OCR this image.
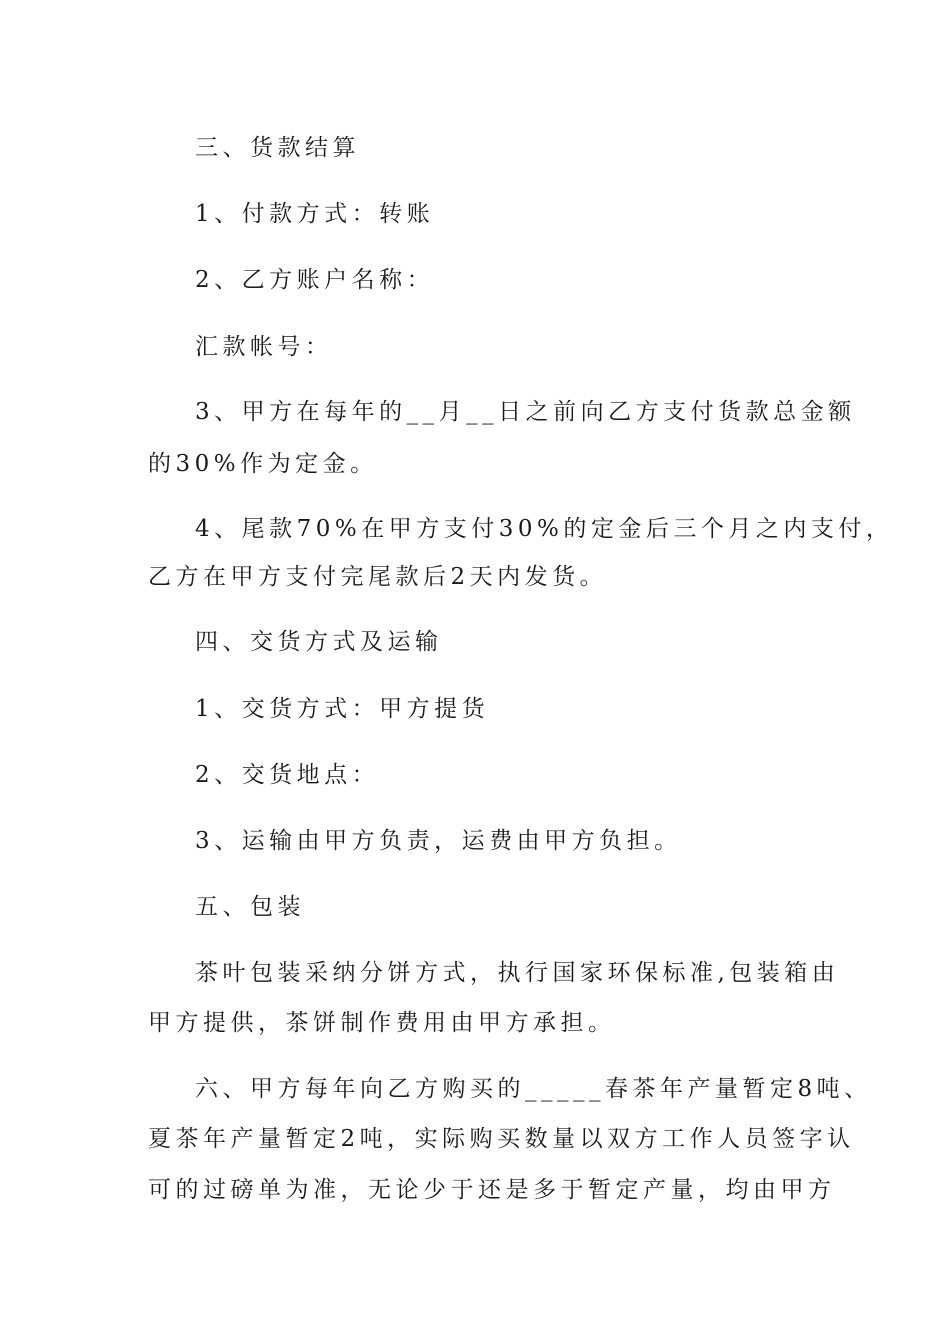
三、货款结算
1、付款方式：转账
2、乙方账户名称：
汇款帐号：
3、甲方在每年的__月__日之前向乙方支付货款总金额
的30%作为定金。
4、尾款70%在甲方支付30%的定金后三个月之内支付，
乙方在甲方支付完尾款后2天内发货。
四、交货方式及运输
1、交货方式：甲方提货
2、交货地点：
3、运输由甲方负责，运费由甲方负担。
五、包装
茶叶包装采纳分饼方式，执行国家环保标准,包装箱由
甲方提供，茶饼制作费用由甲方承担。
六、甲方每年向乙方购买的_____春茶年产量暂定8吨、
夏茶年产量暂定2吨，实际购买数量以双方工作人员签字认
可的过磅单为准，无论少于还是多于暂定产量，均由甲方
